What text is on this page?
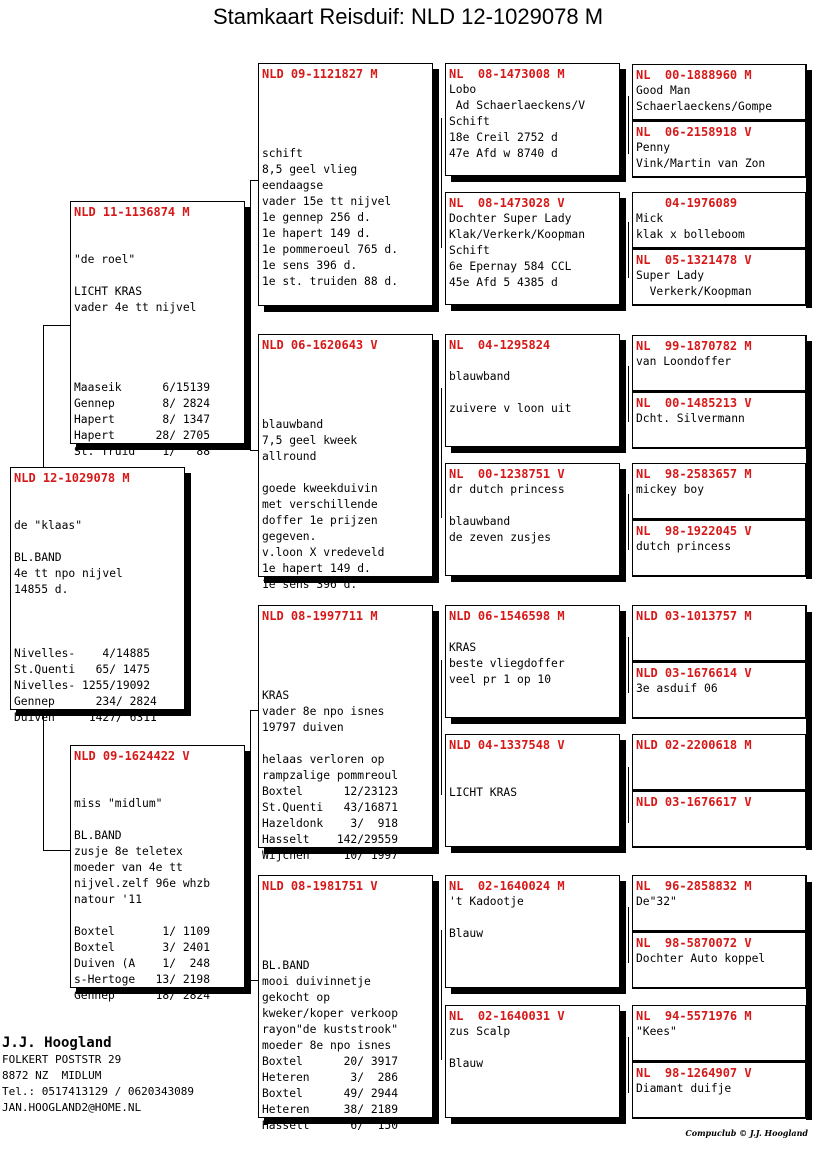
Stamkaart Reisduif: NLD 12-1029078 M
NLD 12-1029078 M

de "klaas"
BL.BAND
4e tt npo nijvel
14855 d.
Nivelles-    4/14885
St.Quenti   65/ 1475
Nivelles- 1255/19092
Gennep      234/ 2824
Duiven     1427/ 6311

NLD 11-1136874 M

"de roel"
LICHT KRAS
vader 4e tt nijvel
Maaseik      6/15139
Gennep       8/ 2824
Hapert       8/ 1347
Hapert      28/ 2705
St. Truid    1/   88

NLD 09-1624422 V

miss "midlum"
BL.BAND
zusje 8e teletex
moeder van 4e tt
nijvel.zelf 96e whzb
natour '11
Boxtel       1/ 1109
Boxtel       3/ 2401
Duiven (A    1/  248
s-Hertoge   13/ 2198
Gennep      18/ 2824

NLD 09-1121827 M

schift
8,5 geel vlieg
eendaagse
vader 15e tt nijvel
1e gennep 256 d.
1e hapert 149 d.
1e pommeroeul 765 d.
1e sens 396 d.
1e st. truiden 88 d.

NLD 06-1620643 V

blauwband
7,5 geel kweek
allround
goede kweekduivin
met verschillende
doffer 1e prijzen
gegeven.
v.loon X vredeveld
1e hapert 149 d.
1e sens 396 d.

NLD 08-1997711 M

KRAS
vader 8e npo isnes
19797 duiven
helaas verloren op
rampzalige pommreoul
Boxtel      12/23123
St.Quenti   43/16871
Hazeldonk    3/  918
Hasselt    142/29559
Wijchen     10/ 1997

NLD 08-1981751 V

BL.BAND
mooi duivinnetje
gekocht op
kweker/koper verkoop
rayon"de kuststrook"
moeder 8e npo isnes
Boxtel      20/ 3917
Heteren      3/  286
Boxtel      49/ 2944
Heteren     38/ 2189
Hasselt      6/  150

NL  08-1473008 M
Lobo
Ad Schaerlaeckens/V
Schift
18e Creil 2752 d
47e Afd w 8740 d
NL  08-1473028 V
Dochter Super Lady
Klak/Verkerk/Koopman
Schift
6e Epernay 584 CCL
45e Afd 5 4385 d
NL  04-1295824
blauwband
zuivere v loon uit
NL  00-1238751 V
dr dutch princess
blauwband
de zeven zusjes
NLD 06-1546598 M
KRAS
beste vliegdoffer
veel pr 1 op 10
NLD 04-1337548 V
LICHT KRAS
NL  02-1640024 M
't Kadootje
Blauw
NL  02-1640031 V
zus Scalp
Blauw
NL  00-1888960 M
Good Man
Schaerlaeckens/Gompe
NL  06-2158918 V
Penny
Vink/Martin van Zon
04-1976089
Mick
klak x bolleboom
NL  05-1321478 V
Super Lady
Verkerk/Koopman
NL  99-1870782 M
van Loondoffer
NL  00-1485213 V
Dcht. Silvermann
NL  98-2583657 M
mickey boy
NL  98-1922045 V
dutch princess
NLD 03-1013757 M
NLD 03-1676614 V
3e asduif 06
NLD 02-2200618 M
NLD 03-1676617 V
NL  96-2858832 M
De"32"
NL  98-5870072 V
Dochter Auto koppel
NL  94-5571976 M
"Kees"
NL  98-1264907 V
Diamant duifje
J.J. Hoogland
FOLKERT POSTSTR 29
8872 NZ  MIDLUM
Tel.: 0517413129 / 0620343089
JAN.HOOGLAND2@HOME.NL
Compuclub © J.J. Hoogland
